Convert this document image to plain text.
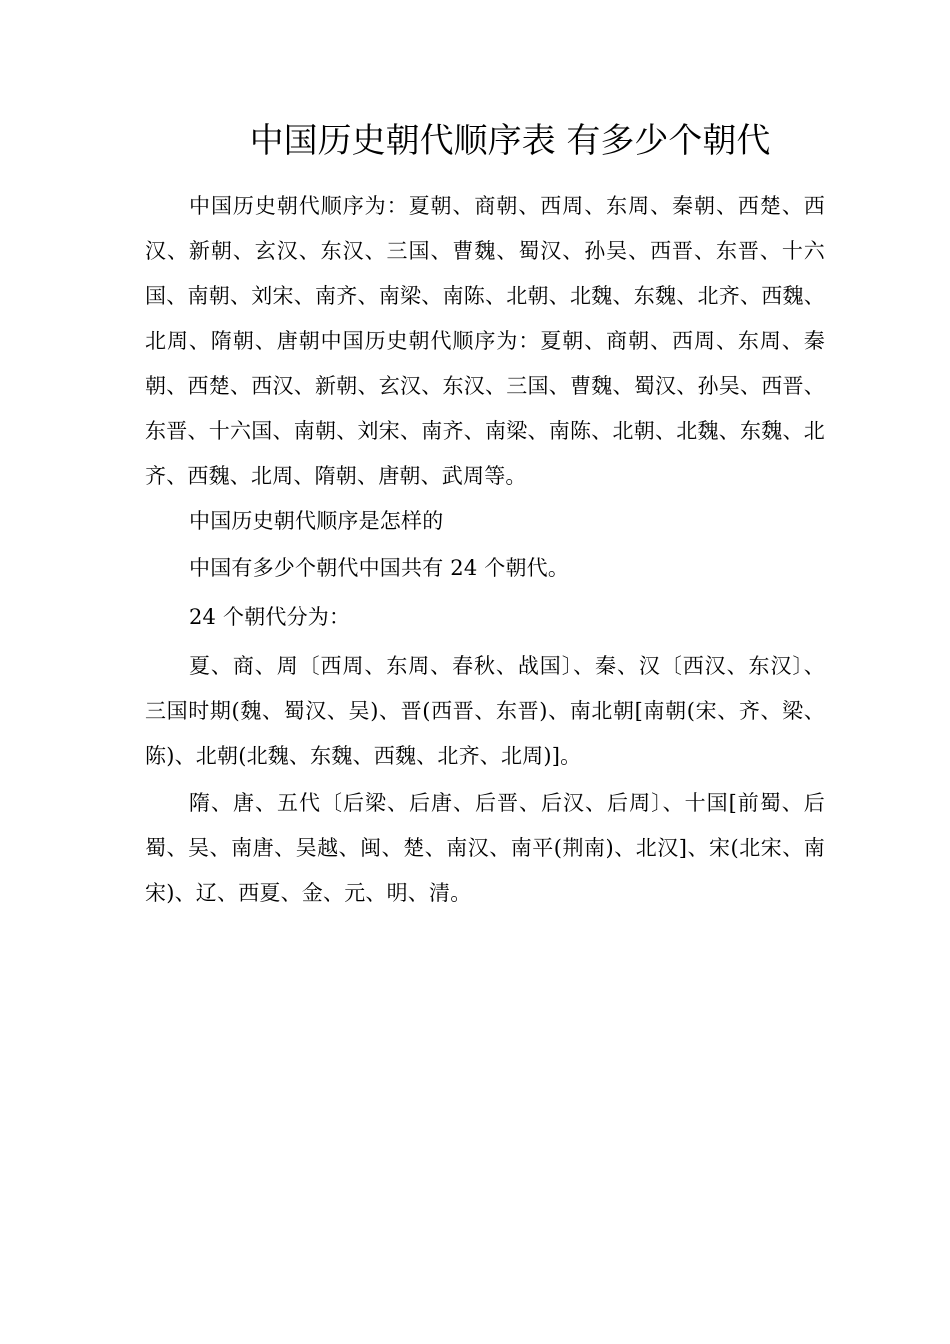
中国历史朝代顺序表 有多少个朝代

中国历史朝代顺序为：夏朝、商朝、西周、东周、秦朝、西楚、西汉、新朝、玄汉、东汉、三国、曹魏、蜀汉、孙吴、西晋、东晋、十六国、南朝、刘宋、南齐、南梁、南陈、北朝、北魏、东魏、北齐、西魏、北周、隋朝、唐朝中国历史朝代顺序为：夏朝、商朝、西周、东周、秦朝、西楚、西汉、新朝、玄汉、东汉、三国、曹魏、蜀汉、孙吴、西晋、东晋、十六国、南朝、刘宋、南齐、南梁、南陈、北朝、北魏、东魏、北齐、西魏、北周、隋朝、唐朝、武周等。

中国历史朝代顺序是怎样的

中国有多少个朝代中国共有 24 个朝代。

24 个朝代分为：

夏、商、周〔西周、东周、春秋、战国〕、秦、汉〔西汉、东汉〕、三国时期(魏、蜀汉、吴)、晋(西晋、东晋)、南北朝[南朝(宋、齐、梁、陈)、北朝(北魏、东魏、西魏、北齐、北周)]。

隋、唐、五代〔后梁、后唐、后晋、后汉、后周〕、十国[前蜀、后蜀、吴、南唐、吴越、闽、楚、南汉、南平(荆南)、北汉]、宋(北宋、南宋)、辽、西夏、金、元、明、清。
